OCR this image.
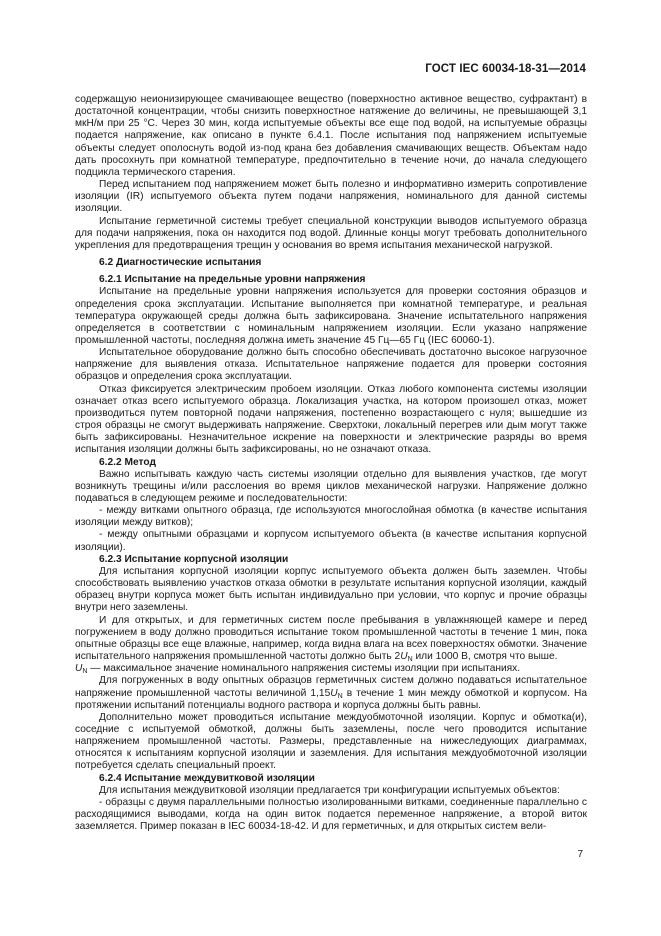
ГОСТ IEC 60034-18-31—2014

содержащую неионизирующее смачивающее вещество (поверхностно активное вещество, суфрактант) в достаточной концентрации, чтобы снизить поверхностное натяжение до величины, не превышающей 3,1 мкН/м при 25 °С. Через 30 мин, когда испытуемые объекты все еще под водой, на испытуемые образцы подается напряжение, как описано в пункте 6.4.1. После испытания под напряжением испытуемые объекты следует ополоснуть водой из-под крана без добавления смачивающих веществ. Объектам надо дать просохнуть при комнатной температуре, предпочтительно в течение ночи, до начала следующего подцикла термического старения.

Перед испытанием под напряжением может быть полезно и информативно измерить сопротивление изоляции (IR) испытуемого объекта путем подачи напряжения, номинального для данной системы изоляции.

Испытание герметичной системы требует специальной конструкции выводов испытуемого образца для подачи напряжения, пока он находится под водой. Длинные концы могут требовать дополнительного укрепления для предотвращения трещин у основания во время испытания механической нагрузкой.

6.2 Диагностические испытания
6.2.1 Испытание на предельные уровни напряжения

Испытание на предельные уровни напряжения используется для проверки состояния образцов и определения срока эксплуатации. Испытание выполняется при комнатной температуре, и реальная температура окружающей среды должна быть зафиксирована. Значение испытательного напряжения определяется в соответствии с номинальным напряжением изоляции. Если указано напряжение промышленной частоты, последняя должна иметь значение 45 Гц—65 Гц (IEC 60060-1).

Испытательное оборудование должно быть способно обеспечивать достаточно высокое нагрузочное напряжение для выявления отказа. Испытательное напряжение подается для проверки состояния образцов и определения срока эксплуатации.

Отказ фиксируется электрическим пробоем изоляции. Отказ любого компонента системы изоляции означает отказ всего испытуемого образца. Локализация участка, на котором произошел отказ, может производиться путем повторной подачи напряжения, постепенно возрастающего с нуля; вышедшие из строя образцы не смогут выдерживать напряжение. Сверхтоки, локальный перегрев или дым могут также быть зафиксированы. Незначительное искрение на поверхности и электрические разряды во время испытания изоляции должны быть зафиксированы, но не означают отказа.

6.2.2 Метод

Важно испытывать каждую часть системы изоляции отдельно для выявления участков, где могут возникнуть трещины и/или расслоения во время циклов механической нагрузки. Напряжение должно подаваться в следующем режиме и последовательности:

- между витками опытного образца, где используются многослойная обмотка (в качестве испытания изоляции между витков);

- между опытными образцами и корпусом испытуемого объекта (в качестве испытания корпусной изоляции).

6.2.3 Испытание корпусной изоляции

Для испытания корпусной изоляции корпус испытуемого объекта должен быть заземлен. Чтобы способствовать выявлению участков отказа обмотки в результате испытания корпусной изоляции, каждый образец внутри корпуса может быть испытан индивидуально при условии, что корпус и прочие образцы внутри него заземлены.

И для открытых, и для герметичных систем после пребывания в увлажняющей камере и перед погружением в воду должно проводиться испытание током промышленной частоты в течение 1 мин, пока опытные образцы все еще влажные, например, когда видна влага на всех поверхностях обмотки. Значение испытательного напряжения промышленной частоты должно быть $2U_N$ или 1000 В, смотря что выше.

$U_N$ — максимальное значение номинального напряжения системы изоляции при испытаниях.

Для погруженных в воду опытных образцов герметичных систем должно подаваться испытательное напряжение промышленной частоты величиной $1,15U_N$ в течение 1 мин между обмоткой и корпусом. На протяжении испытаний потенциалы водного раствора и корпуса должны быть равны.

Дополнительно может проводиться испытание междуобмоточной изоляции. Корпус и обмотка(и), соседние с испытуемой обмоткой, должны быть заземлены, после чего проводится испытание напряжением промышленной частоты. Размеры, представленные на нижеследующих диаграммах, относятся к испытаниям корпусной изоляции и заземления. Для испытания междуобмоточной изоляции потребуется сделать специальный проект.

6.2.4 Испытание междувитковой изоляции

Для испытания междувитковой изоляции предлагается три конфигурации испытуемых объектов:

- образцы с двумя параллельными полностью изолированными витками, соединенные параллельно с расходящимися выводами, когда на один виток подается переменное напряжение, а второй виток заземляется. Пример показан в IEC 60034-18-42. И для герметичных, и для открытых систем вели-

7
